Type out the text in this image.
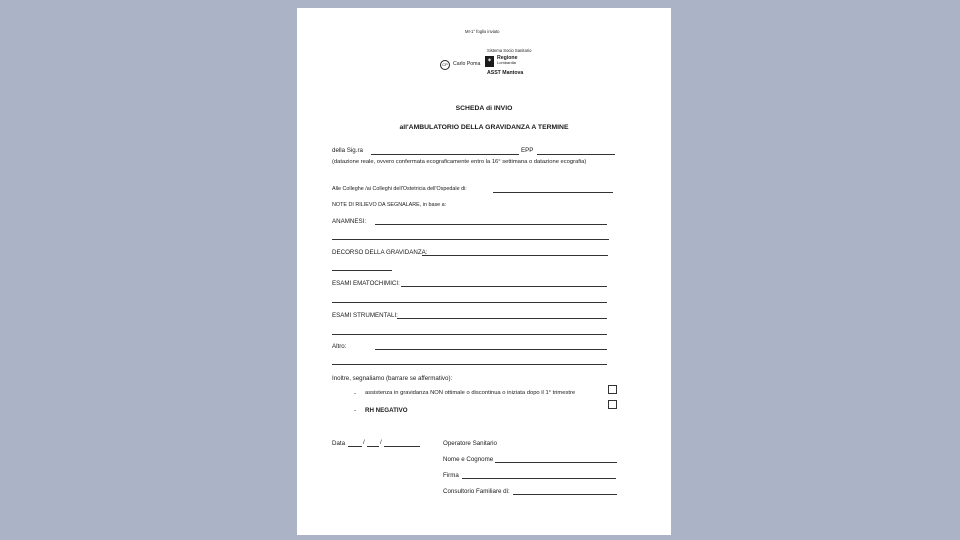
MI-1° foglio inviato
Sistema Socio Sanitario
CP	Carlo Poma	✶
Regione
Lombardia
ASST Mantova
SCHEDA di INVIO
all'AMBULATORIO DELLA GRAVIDANZA A TERMINE
della Sig.ra	EPP
(datazione reale, ovvero confermata ecograficamente entro la 16° settimana o datazione ecografia)
Alle Colleghe /ai Colleghi dell'Ostetricia dell'Ospedale di:
NOTE DI RILIEVO DA SEGNALARE, in base a:
ANAMNESI:
DECORSO DELLA GRAVIDANZA:
ESAMI EMATOCHIMICI:
ESAMI STRUMENTALI:
Altro:
Inoltre, segnaliamo (barrare se affermativo):
- assistenza in gravidanza NON ottimale o discontinua o iniziata dopo il 1° trimestre
- RH NEGATIVO
Data	/ /	Operatore Sanitario
Nome e Cognome
Firma
Consultorio Familiare di:
